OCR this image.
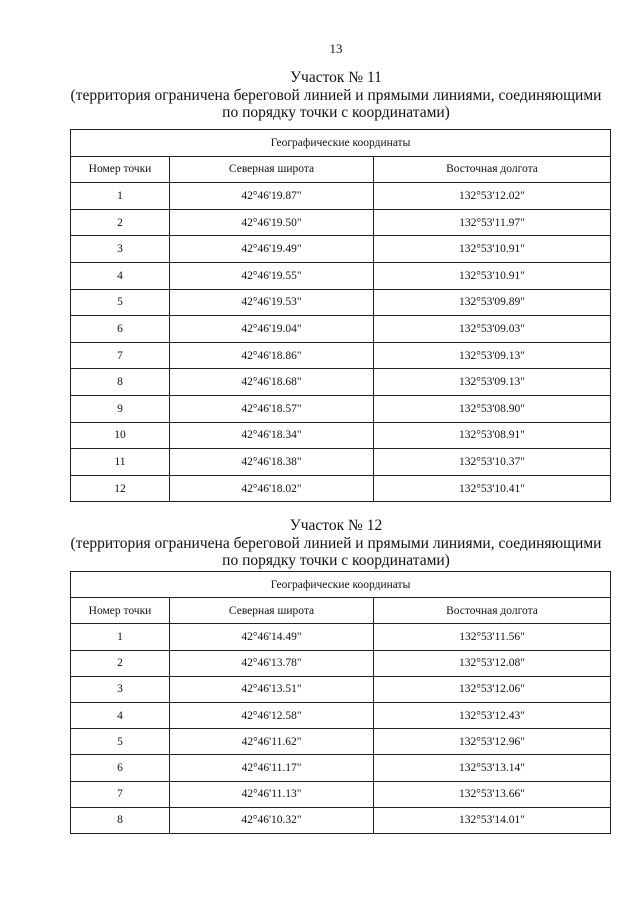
13
Участок № 11
(территория ограничена береговой линией и прямыми линиями, соединяющими
по порядку точки с координатами)
Географические координаты		
Номер точки	Северная широта	Восточная долгота
1	42°46'19.87"	132°53'12.02"
2	42°46'19.50"	132°53'11.97"
3	42°46'19.49"	132°53'10.91"
4	42°46'19.55"	132°53'10.91"
5	42°46'19.53"	132°53'09.89"
6	42°46'19.04"	132°53'09.03"
7	42°46'18.86"	132°53'09.13"
8	42°46'18.68"	132°53'09.13"
9	42°46'18.57"	132°53'08.90"
10	42°46'18.34"	132°53'08.91"
11	42°46'18.38"	132°53'10.37"
12	42°46'18.02"	132°53'10.41"
Участок № 12
(территория ограничена береговой линией и прямыми линиями, соединяющими
по порядку точки с координатами)
Географические координаты		
Номер точки	Северная широта	Восточная долгота
1	42°46'14.49"	132°53'11.56"
2	42°46'13.78"	132°53'12.08"
3	42°46'13.51"	132°53'12.06"
4	42°46'12.58"	132°53'12.43"
5	42°46'11.62"	132°53'12.96"
6	42°46'11.17"	132°53'13.14"
7	42°46'11.13"	132°53'13.66"
8	42°46'10.32"	132°53'14.01"
